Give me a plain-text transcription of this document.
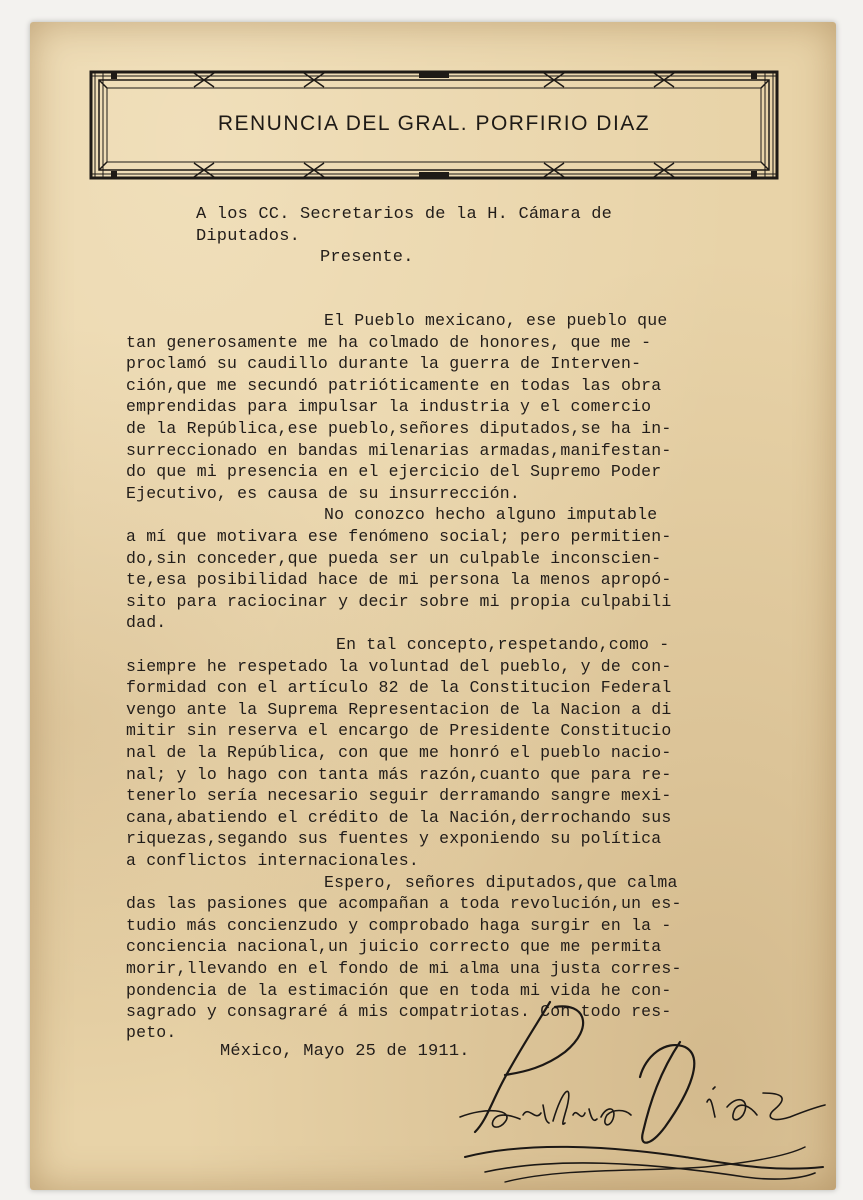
RENUNCIA DEL GRAL. PORFIRIO DIAZ
A los CC. Secretarios de la H. Cámara de
Diputados.
Presente.
El Pueblo mexicano, ese pueblo que
tan generosamente me ha colmado de honores, que me -
proclamó su caudillo durante la guerra de Interven-
ción,que me secundó patrióticamente en todas las obra
emprendidas para impulsar la industria y el comercio
de la República,ese pueblo,señores diputados,se ha in-
surreccionado en bandas milenarias armadas,manifestan-
do que mi presencia en el ejercicio del Supremo Poder
Ejecutivo, es causa de su insurrección.
No conozco hecho alguno imputable
a mí que motivara ese fenómeno social; pero permitien-
do,sin conceder,que pueda ser un culpable inconscien-
te,esa posibilidad hace de mi persona la menos apropó-
sito para raciocinar y decir sobre mi propia culpabili
dad.
En tal concepto,respetando,como -
siempre he respetado la voluntad del pueblo, y de con-
formidad con el artículo 82 de la Constitucion Federal
vengo ante la Suprema Representacion de la Nacion a di
mitir sin reserva el encargo de Presidente Constitucio
nal de la República, con que me honró el pueblo nacio-
nal; y lo hago con tanta más razón,cuanto que para re-
tenerlo sería necesario seguir derramando sangre mexi-
cana,abatiendo el crédito de la Nación,derrochando sus
riquezas,segando sus fuentes y exponiendo su política
a conflictos internacionales.
Espero, señores diputados,que calma
das las pasiones que acompañan a toda revolución,un es-
tudio más concienzudo y comprobado haga surgir en la -
conciencia nacional,un juicio correcto que me permita
morir,llevando en el fondo de mi alma una justa corres-
pondencia de la estimación que en toda mi vida he con-
sagrado y consagraré á mis compatriotas. Con todo res-
peto.
México, Mayo 25 de 1911.
